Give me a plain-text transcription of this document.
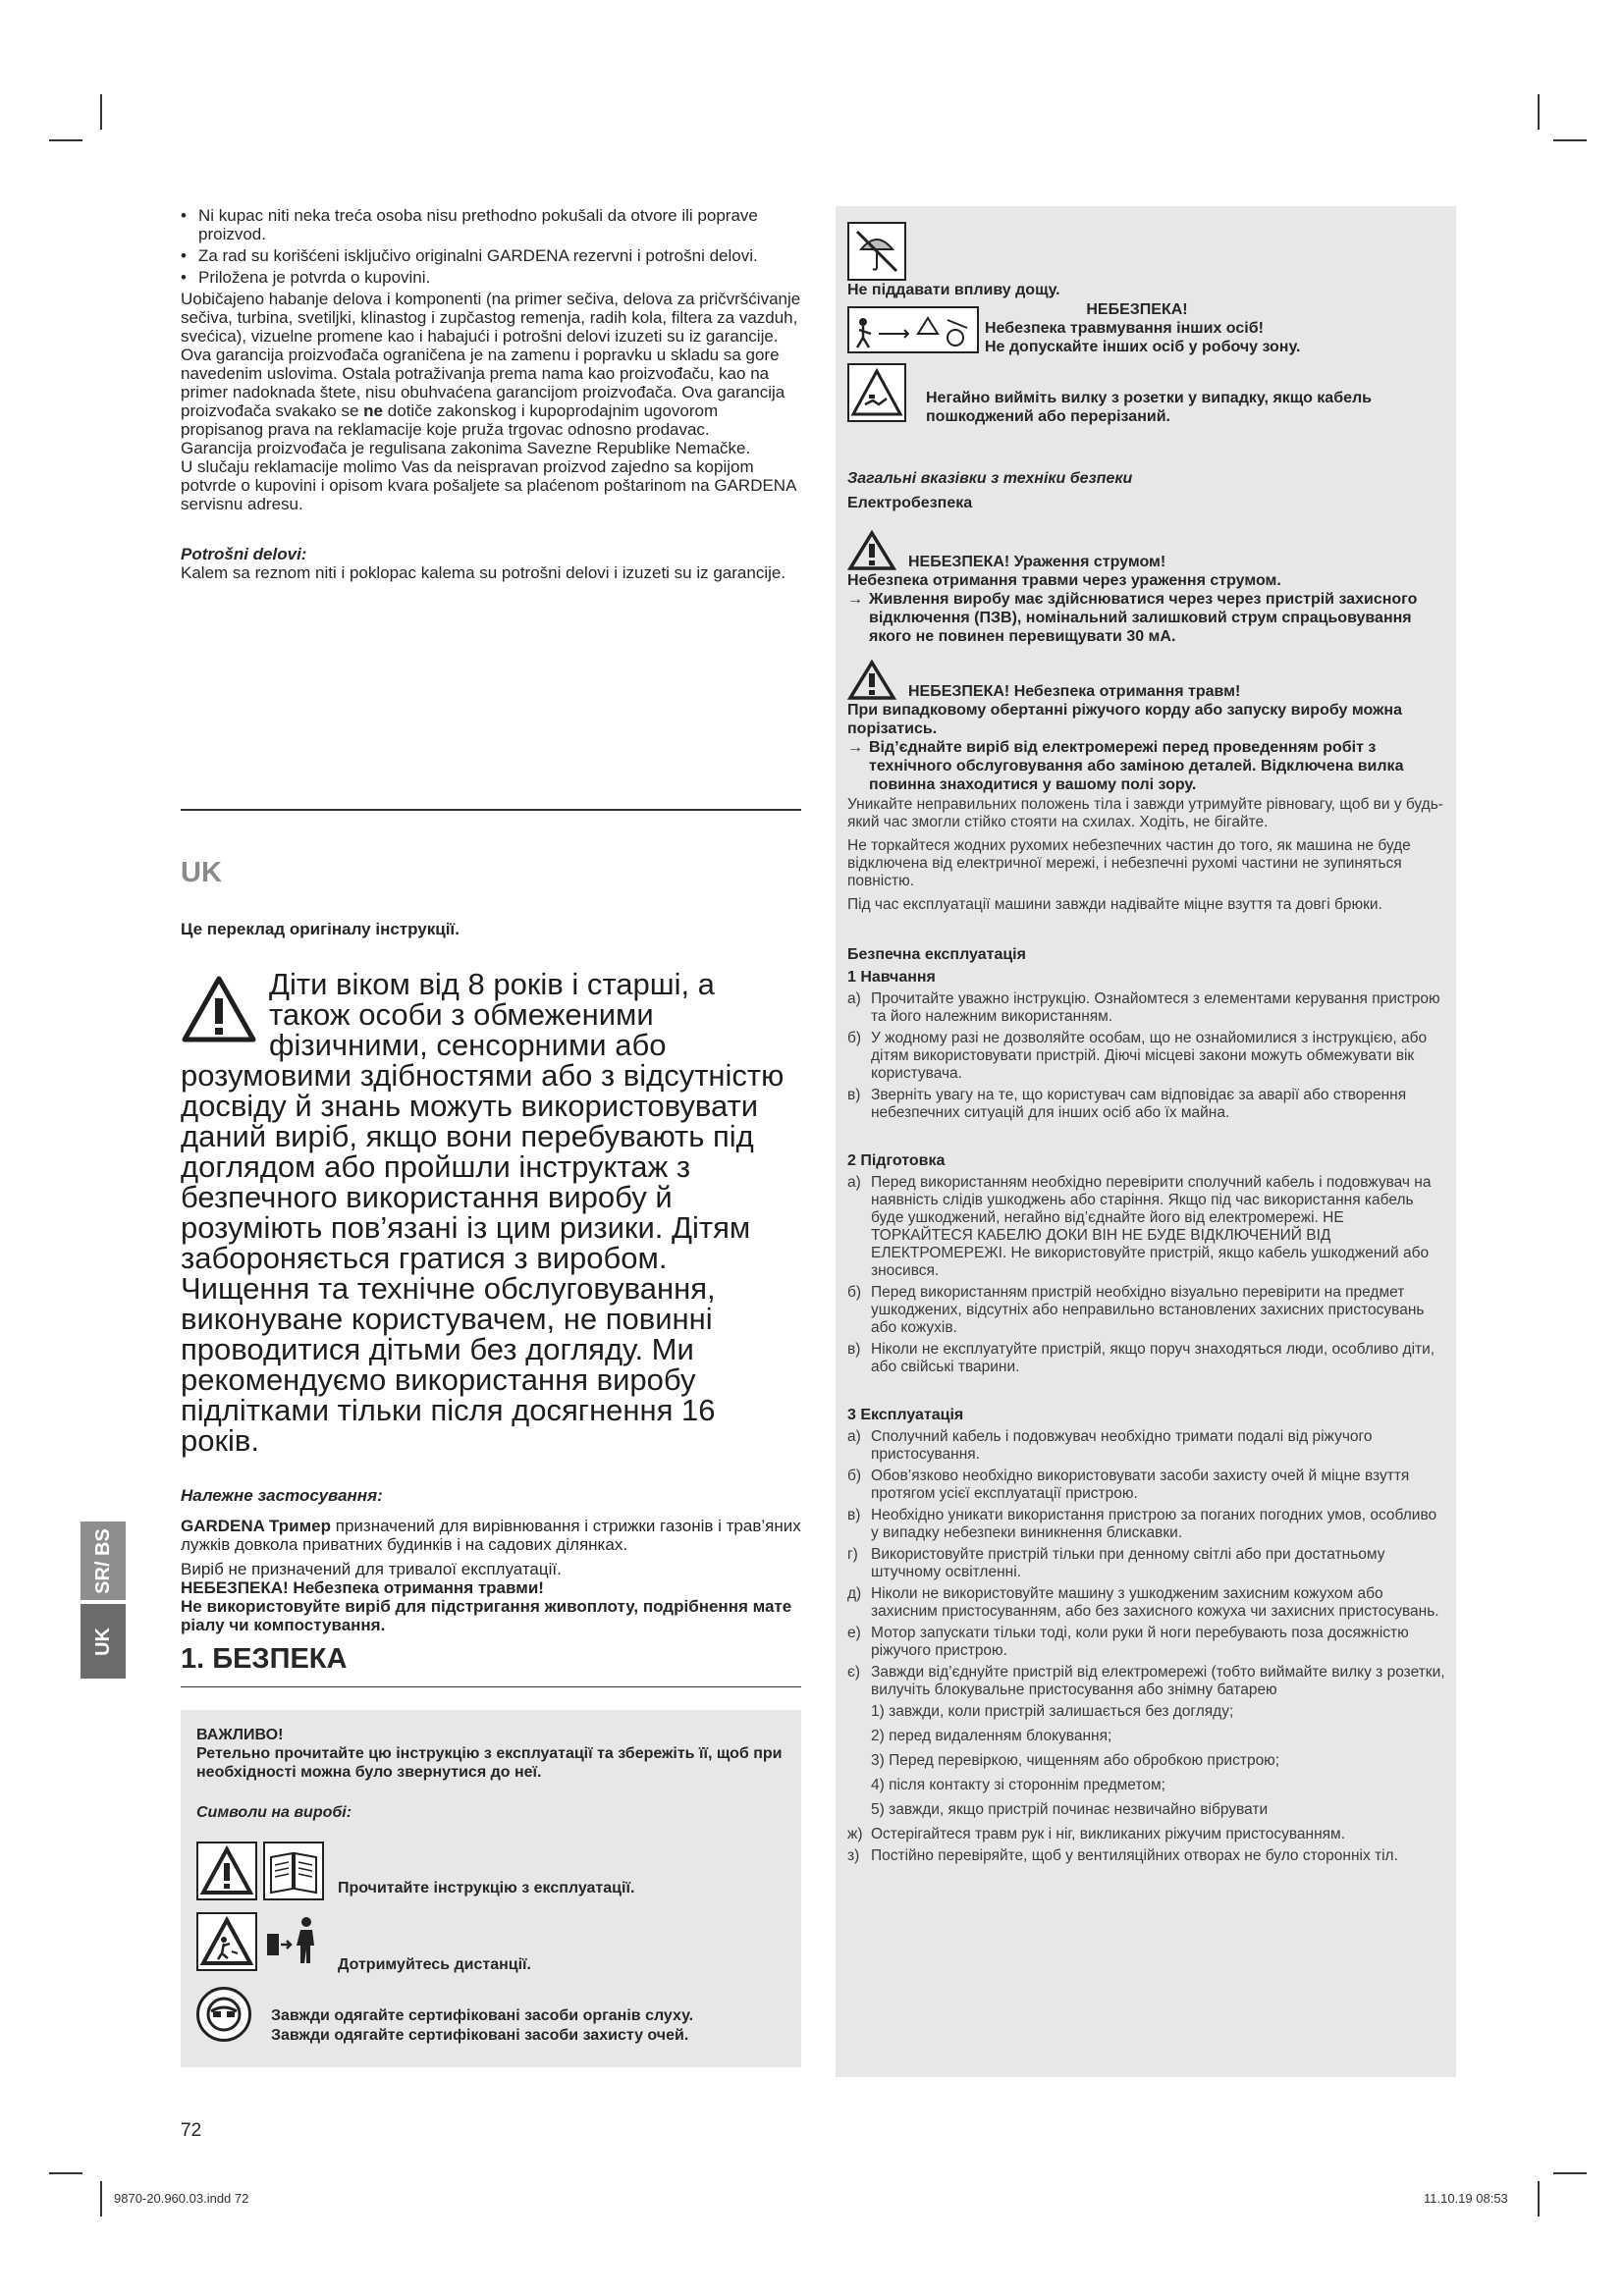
• Ni kupac niti neka treća osoba nisu prethodno pokušali da otvore ili poprave proizvod.

• Za rad su korišćeni isključivo originalni GARDENA rezervni i potrošni delovi.

• Priložena je potvrda o kupovini.

Uobičajeno habanje delova i komponenti (na primer sečiva, delova za pričvršćivanje sečiva, turbina, svetiljki, klinastog i zupčastog remenja, radih kola, filtera za vazduh, svećica), vizuelne promene kao i habajući i potrošni delovi izuzeti su iz garancije.

Ova garancija proizvođača ograničena je na zamenu i popravku u skladu sa gore navedenim uslovima. Ostala potraživanja prema nama kao proizvođaču, kao na primer nadoknada štete, nisu obuhvaćena garancijom proizvođača. Ova garancija proizvođača svakako se ne dotiče zakonskog i kupoprodajnim ugovorom propisanog prava na reklamacije koje pruža trgovac odnosno prodavac.

Garancija proizvođača je regulisana zakonima Savezne Republike Nemačke.

U slučaju reklamacije molimo Vas da neispravan proizvod zajedno sa kopijom potvrde o kupovini i opisom kvara pošaljete sa plaćenom poštarinom na GARDENA servisnu adresu.

Potrošni delovi:

Kalem sa reznom niti i poklopac kalema su potrošni delovi i izuzeti su iz garancije.

UK

Це переклад оригіналу інструкції.

Діти віком від 8 років і старші, а також особи з обмеженими фізичними, сенсорними або розумовими здібностями або з відсутністю досвіду й знань можуть використовувати даний виріб, якщо вони перебувають під доглядом або пройшли інструктаж з безпечного використання виробу й розуміють пов’язані із цим ризики. Дітям забороняється гратися з виробом. Чищення та технічне обслуговування, виконуване користувачем, не повинні проводитися дітьми без догляду. Ми рекомендуємо використання виробу підлітками тільки після досягнення 16 років.

Належне застосування:

GARDENA Тример призначений для вирівнювання і стрижки газонів і трав’яних лужків довкола приватних будинків і на садових ділянках.

Виріб не призначений для тривалої експлуатації.

НЕБЕЗПЕКА! Небезпека отримання травми!

Не використовуйте виріб для підстригання живоплоту, подрібнення мате ріалу чи компостування.

1. БЕЗПЕКА

ВАЖЛИВО!

Ретельно прочитайте цю інструкцію з експлуатації та збережіть її, щоб при необхідності можна було звернутися до неї.

Символи на виробі:

Прочитайте інструкцію з експлуатації.

Дотримуйтесь дистанції.
Завжди одягайте сертифіковані засоби органів слуху.
Завжди одягайте сертифіковані засоби захисту очей.

Не піддавати впливу дощу.

НЕБЕЗПЕКА!

Небезпека травмування інших осіб!

Не допускайте інших осіб у робочу зону.

Негайно вийміть вилку з розетки у випадку, якщо кабель пошкоджений або перерізаний.

Загальні вказівки з техніки безпеки

Електробезпека

НЕБЕЗПЕКА! Ураження струмом!

Небезпека отримання травми через ураження струмом.

→ Живлення виробу має здійснюватися через через пристрій захисного відключення (ПЗВ), номінальний залишковий струм спрацьовування якого не повинен перевищувати 30 мА.

НЕБЕЗПЕКА! Небезпека отримання травм!

При випадковому обертанні ріжучого корду або запуску виробу можна порізатись.

→ Від’єднайте виріб від електромережі перед проведенням робіт з технічного обслуговування або заміною деталей. Відключена вилка повинна знаходитися у вашому полі зору.

Уникайте неправильних положень тіла і завжди утримуйте рівновагу, щоб ви у будь-який час змогли стійко стояти на схилах. Ходіть, не бігайте.

Не торкайтеся жодних рухомих небезпечних частин до того, як машина не буде відключена від електричної мережі, і небезпечні рухомі частини не зупиняться повністю.

Під час експлуатації машини завжди надівайте міцне взуття та довгі брюки.

Безпечна експлуатація

1 Навчання

а) Прочитайте уважно інструкцію. Ознайомтеся з елементами керування пристрою та його належним використанням.
б) У жодному разі не дозволяйте особам, що не ознайомилися з інструкцією, або дітям використовувати пристрій. Діючі місцеві закони можуть обмежувати вік користувача.
в) Зверніть увагу на те, що користувач сам відповідає за аварії або створення небезпечних ситуацій для інших осіб або їх майна.

2 Підготовка

а) Перед використанням необхідно перевірити сполучний кабель і подовжувач на наявність слідів ушкоджень або старіння. Якщо під час використання кабель буде ушкоджений, негайно від’єднайте його від електромережі. НЕ ТОРКАЙТЕСЯ КАБЕЛЮ ДОКИ ВІН НЕ БУДЕ ВІДКЛЮЧЕНИЙ ВІД ЕЛЕКТРОМЕРЕЖІ. Не використовуйте пристрій, якщо кабель ушкоджений або зносився.
б) Перед використанням пристрій необхідно візуально перевірити на предмет ушкоджених, відсутніх або неправильно встановлених захисних пристосувань або кожухів.
в) Ніколи не експлуатуйте пристрій, якщо поруч знаходяться люди, особливо діти, або свійські тварини.

3 Експлуатація

а) Сполучний кабель і подовжувач необхідно тримати подалі від ріжучого пристосування.
б) Обов’язково необхідно використовувати засоби захисту очей й міцне взуття протягом усієї експлуатації пристрою.
в) Необхідно уникати використання пристрою за поганих погодних умов, особливо у випадку небезпеки виникнення блискавки.
г) Використовуйте пристрій тільки при денному світлі або при достатньому штучному освітленні.
д) Ніколи не використовуйте машину з ушкодженим захисним кожухом або захисним пристосуванням, або без захисного кожуха чи захисних пристосувань.
е) Мотор запускати тільки тоді, коли руки й ноги перебувають поза досяжністю ріжучого пристрою.
є) Завжди від’єднуйте пристрій від електромережі (тобто виймайте вилку з розетки, вилучіть блокувальне пристосування або знімну батарею

1) завжди, коли пристрій залишається без догляду;

2) перед видаленням блокування;

3) Перед перевіркою, чищенням або обробкою пристрою;

4) після контакту зі стороннім предметом;

5) завжди, якщо пристрій починає незвичайно вібрувати

ж) Остерігайтеся травм рук і ніг, викликаних ріжучим пристосуванням.
з) Постійно перевіряйте, щоб у вентиляційних отворах не було сторонніх тіл.
SR/ BS
UK
72
9870-20.960.03.indd 72	11.10.19 08:53
